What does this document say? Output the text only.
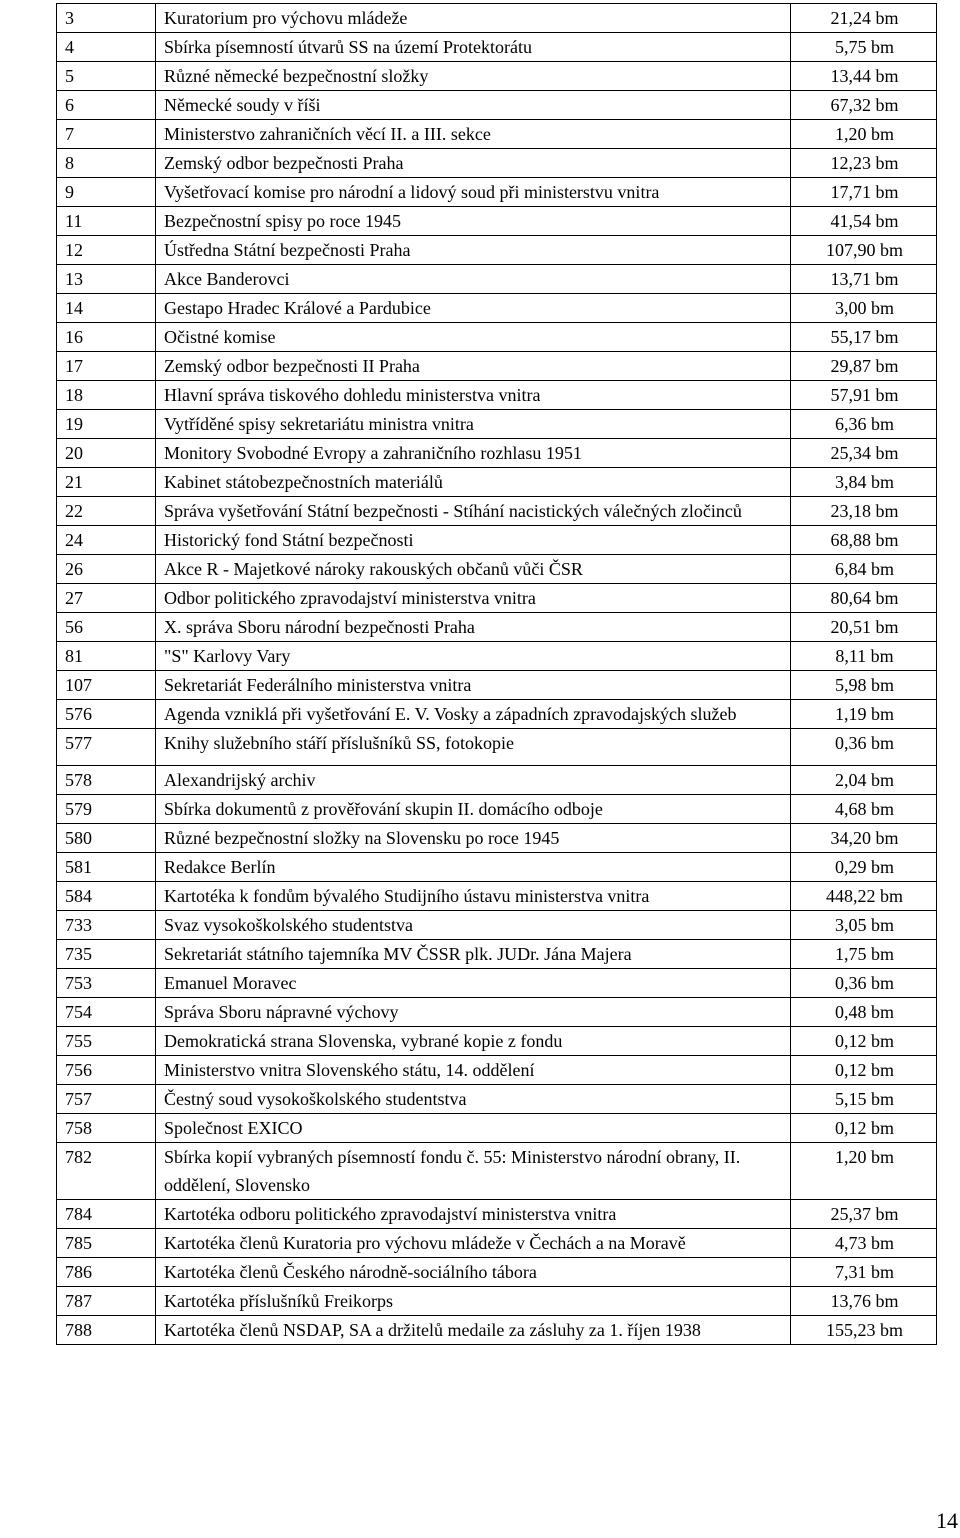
3	Kuratorium pro výchovu mládeže	21,24 bm
4	Sbírka písemností útvarů SS na území Protektorátu	5,75 bm
5	Různé německé bezpečnostní složky	13,44 bm
6	Německé soudy v říši	67,32 bm
7	Ministerstvo zahraničních věcí II. a III. sekce	1,20 bm
8	Zemský odbor bezpečnosti Praha	12,23 bm
9	Vyšetřovací komise pro národní a lidový soud při ministerstvu vnitra	17,71 bm
11	Bezpečnostní spisy po roce 1945	41,54 bm
12	Ústředna Státní bezpečnosti Praha	107,90 bm
13	Akce Banderovci	13,71 bm
14	Gestapo Hradec Králové a Pardubice	3,00 bm
16	Očistné komise	55,17 bm
17	Zemský odbor bezpečnosti II Praha	29,87 bm
18	Hlavní správa tiskového dohledu ministerstva vnitra	57,91 bm
19	Vytříděné spisy sekretariátu ministra vnitra	6,36 bm
20	Monitory Svobodné Evropy a zahraničního rozhlasu 1951	25,34 bm
21	Kabinet státobezpečnostních materiálů	3,84 bm
22	Správa vyšetřování Státní bezpečnosti - Stíhání nacistických válečných zločinců	23,18 bm
24	Historický fond Státní bezpečnosti	68,88 bm
26	Akce R - Majetkové nároky rakouských občanů vůči ČSR	6,84 bm
27	Odbor politického zpravodajství ministerstva vnitra	80,64 bm
56	X. správa Sboru národní bezpečnosti Praha	20,51 bm
81	"S" Karlovy Vary	8,11 bm
107	Sekretariát Federálního ministerstva vnitra	5,98 bm
576	Agenda vzniklá při vyšetřování E. V. Vosky a západních zpravodajských služeb	1,19 bm
577	Knihy služebního stáří příslušníků SS, fotokopie	0,36 bm
578	Alexandrijský archiv	2,04 bm
579	Sbírka dokumentů z prověřování skupin II. domácího odboje	4,68 bm
580	Různé bezpečnostní složky na Slovensku po roce 1945	34,20 bm
581	Redakce Berlín	0,29 bm
584	Kartotéka k fondům bývalého Studijního ústavu ministerstva vnitra	448,22 bm
733	Svaz vysokoškolského studentstva	3,05 bm
735	Sekretariát státního tajemníka MV ČSSR plk. JUDr. Jána Majera	1,75 bm
753	Emanuel Moravec	0,36 bm
754	Správa Sboru nápravné výchovy	0,48 bm
755	Demokratická strana Slovenska, vybrané kopie z fondu	0,12 bm
756	Ministerstvo vnitra Slovenského státu, 14. oddělení	0,12 bm
757	Čestný soud vysokoškolského studentstva	5,15 bm
758	Společnost EXICO	0,12 bm
782	Sbírka kopií vybraných písemností fondu č. 55: Ministerstvo národní obrany, II. oddělení, Slovensko	1,20 bm
784	Kartotéka odboru politického zpravodajství ministerstva vnitra	25,37 bm
785	Kartotéka členů Kuratoria pro výchovu mládeže v Čechách a na Moravě	4,73 bm
786	Kartotéka členů Českého národně-sociálního tábora	7,31 bm
787	Kartotéka příslušníků Freikorps	13,76 bm
788	Kartotéka členů NSDAP, SA a držitelů medaile za zásluhy za 1. říjen 1938	155,23 bm
14
